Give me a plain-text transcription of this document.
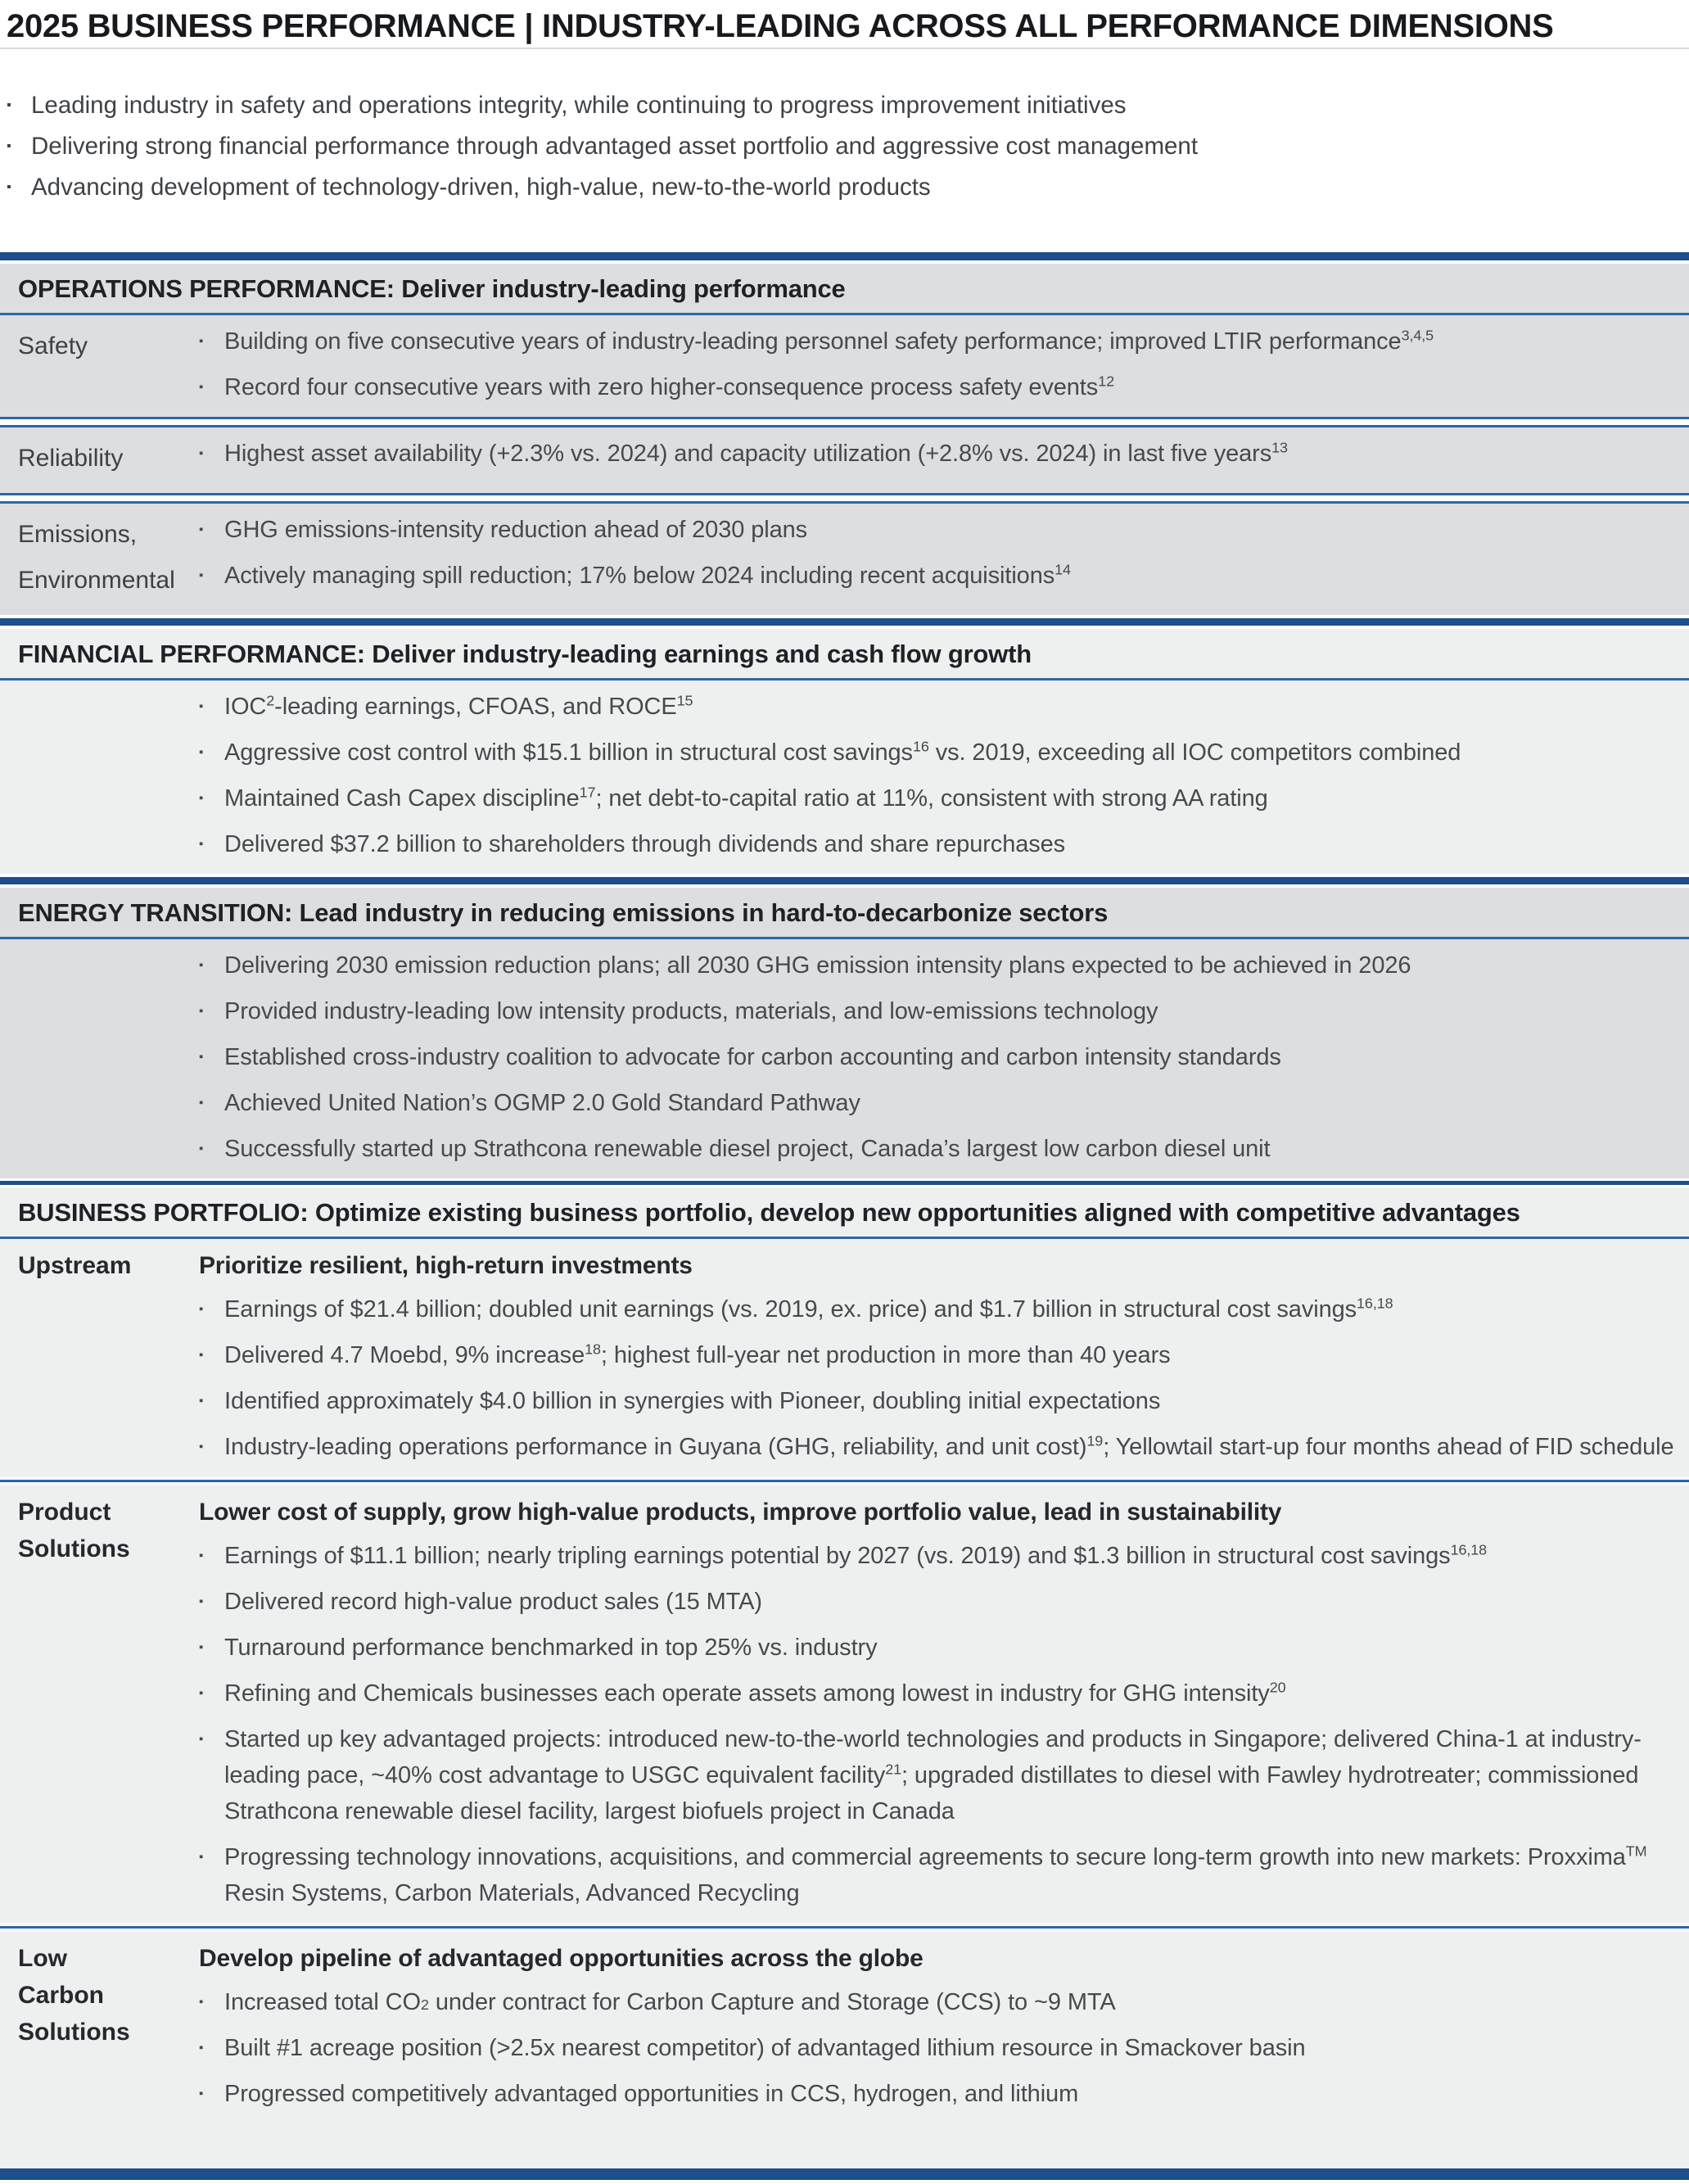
2025 BUSINESS PERFORMANCE | INDUSTRY-LEADING ACROSS ALL PERFORMANCE DIMENSIONS
▪ Leading industry in safety and operations integrity, while continuing to progress improvement initiatives
▪ Delivering strong financial performance through advantaged asset portfolio and aggressive cost management
▪ Advancing development of technology-driven, high-value, new-to-the-world products
OPERATIONS PERFORMANCE: Deliver industry-leading performance
Safety	▪ Building on five consecutive years of industry-leading personnel safety performance; improved LTIR performance$^{3,4,5}$
▪ Record four consecutive years with zero higher-consequence process safety events$^{12}$
Reliability	▪ Highest asset availability (+2.3% vs. 2024) and capacity utilization (+2.8% vs. 2024) in last five years$^{13}$
Emissions,
Environmental
▪ GHG emissions-intensity reduction ahead of 2030 plans
▪ Actively managing spill reduction; 17% below 2024 including recent acquisitions$^{14}$
FINANCIAL PERFORMANCE: Deliver industry-leading earnings and cash flow growth
▪ IOC$^2$-leading earnings, CFOAS, and ROCE$^{15}$
▪ Aggressive cost control with $15.1 billion in structural cost savings$^{16}$ vs. 2019, exceeding all IOC competitors combined
▪ Maintained Cash Capex discipline$^{17}$; net debt-to-capital ratio at 11%, consistent with strong AA rating
▪ Delivered $37.2 billion to shareholders through dividends and share repurchases
ENERGY TRANSITION: Lead industry in reducing emissions in hard-to-decarbonize sectors
▪ Delivering 2030 emission reduction plans; all 2030 GHG emission intensity plans expected to be achieved in 2026
▪ Provided industry-leading low intensity products, materials, and low-emissions technology
▪ Established cross-industry coalition to advocate for carbon accounting and carbon intensity standards
▪ Achieved United Nation’s OGMP 2.0 Gold Standard Pathway
▪ Successfully started up Strathcona renewable diesel project, Canada’s largest low carbon diesel unit
BUSINESS PORTFOLIO: Optimize existing business portfolio, develop new opportunities aligned with competitive advantages
Upstream	Prioritize resilient, high-return investments
▪ Earnings of $21.4 billion; doubled unit earnings (vs. 2019, ex. price) and $1.7 billion in structural cost savings$^{16,18}$
▪ Delivered 4.7 Moebd, 9% increase$^{18}$; highest full-year net production in more than 40 years
▪ Identified approximately $4.0 billion in synergies with Pioneer, doubling initial expectations
▪ Industry-leading operations performance in Guyana (GHG, reliability, and unit cost)$^{19}$; Yellowtail start-up four months ahead of FID schedule
Product
Solutions
Lower cost of supply, grow high-value products, improve portfolio value, lead in sustainability
▪ Earnings of $11.1 billion; nearly tripling earnings potential by 2027 (vs. 2019) and $1.3 billion in structural cost savings$^{16,18}$
▪ Delivered record high-value product sales (15 MTA)
▪ Turnaround performance benchmarked in top 25% vs. industry
▪ Refining and Chemicals businesses each operate assets among lowest in industry for GHG intensity$^{20}$
▪ Started up key advantaged projects: introduced new-to-the-world technologies and products in Singapore; delivered China-1 at industry-leading pace, ~40% cost advantage to USGC equivalent facility$^{21}$; upgraded distillates to diesel with Fawley hydrotreater; commissioned Strathcona renewable diesel facility, largest biofuels project in Canada
▪ Progressing technology innovations, acquisitions, and commercial agreements to secure long-term growth into new markets: Proxxima™ Resin Systems, Carbon Materials, Advanced Recycling
Low
Carbon
Solutions
Develop pipeline of advantaged opportunities across the globe
▪ Increased total CO2 under contract for Carbon Capture and Storage (CCS) to ~9 MTA
▪ Built #1 acreage position (>2.5x nearest competitor) of advantaged lithium resource in Smackover basin
▪ Progressed competitively advantaged opportunities in CCS, hydrogen, and lithium
